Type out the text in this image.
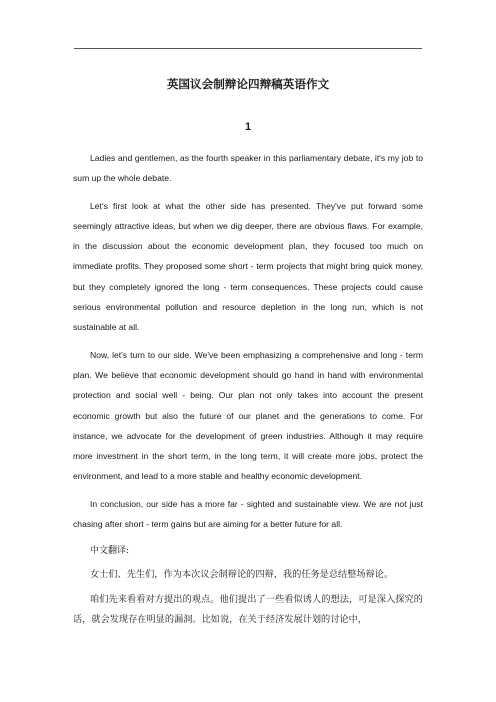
英国议会制辩论四辩稿英语作文
1

Ladies and gentlemen, as the fourth speaker in this parliamentary debate, it's my job to sum up the whole debate.

Let's first look at what the other side has presented. They've put forward some seemingly attractive ideas, but when we dig deeper, there are obvious flaws. For example, in the discussion about the economic development plan, they focused too much on immediate profits. They proposed some short - term projects that might bring quick money, but they completely ignored the long - term consequences. These projects could cause serious environmental pollution and resource depletion in the long run, which is not sustainable at all.

Now, let's turn to our side. We've been emphasizing a comprehensive and long - term plan. We believe that economic development should go hand in hand with environmental protection and social well - being. Our plan not only takes into account the present economic growth but also the future of our planet and the generations to come. For instance, we advocate for the development of green industries. Although it may require more investment in the short term, in the long term, it will create more jobs, protect the environment, and lead to a more stable and healthy economic development.

In conclusion, our side has a more far - sighted and sustainable view. We are not just chasing after short - term gains but are aiming for a better future for all.

中文翻译:

女士们、先生们，作为本次议会制辩论的四辩，我的任务是总结整场辩论。

咱们先来看看对方提出的观点。他们提出了一些看似诱人的想法，可是深入探究的话，就会发现存在明显的漏洞。比如说，在关于经济发展计划的讨论中，
